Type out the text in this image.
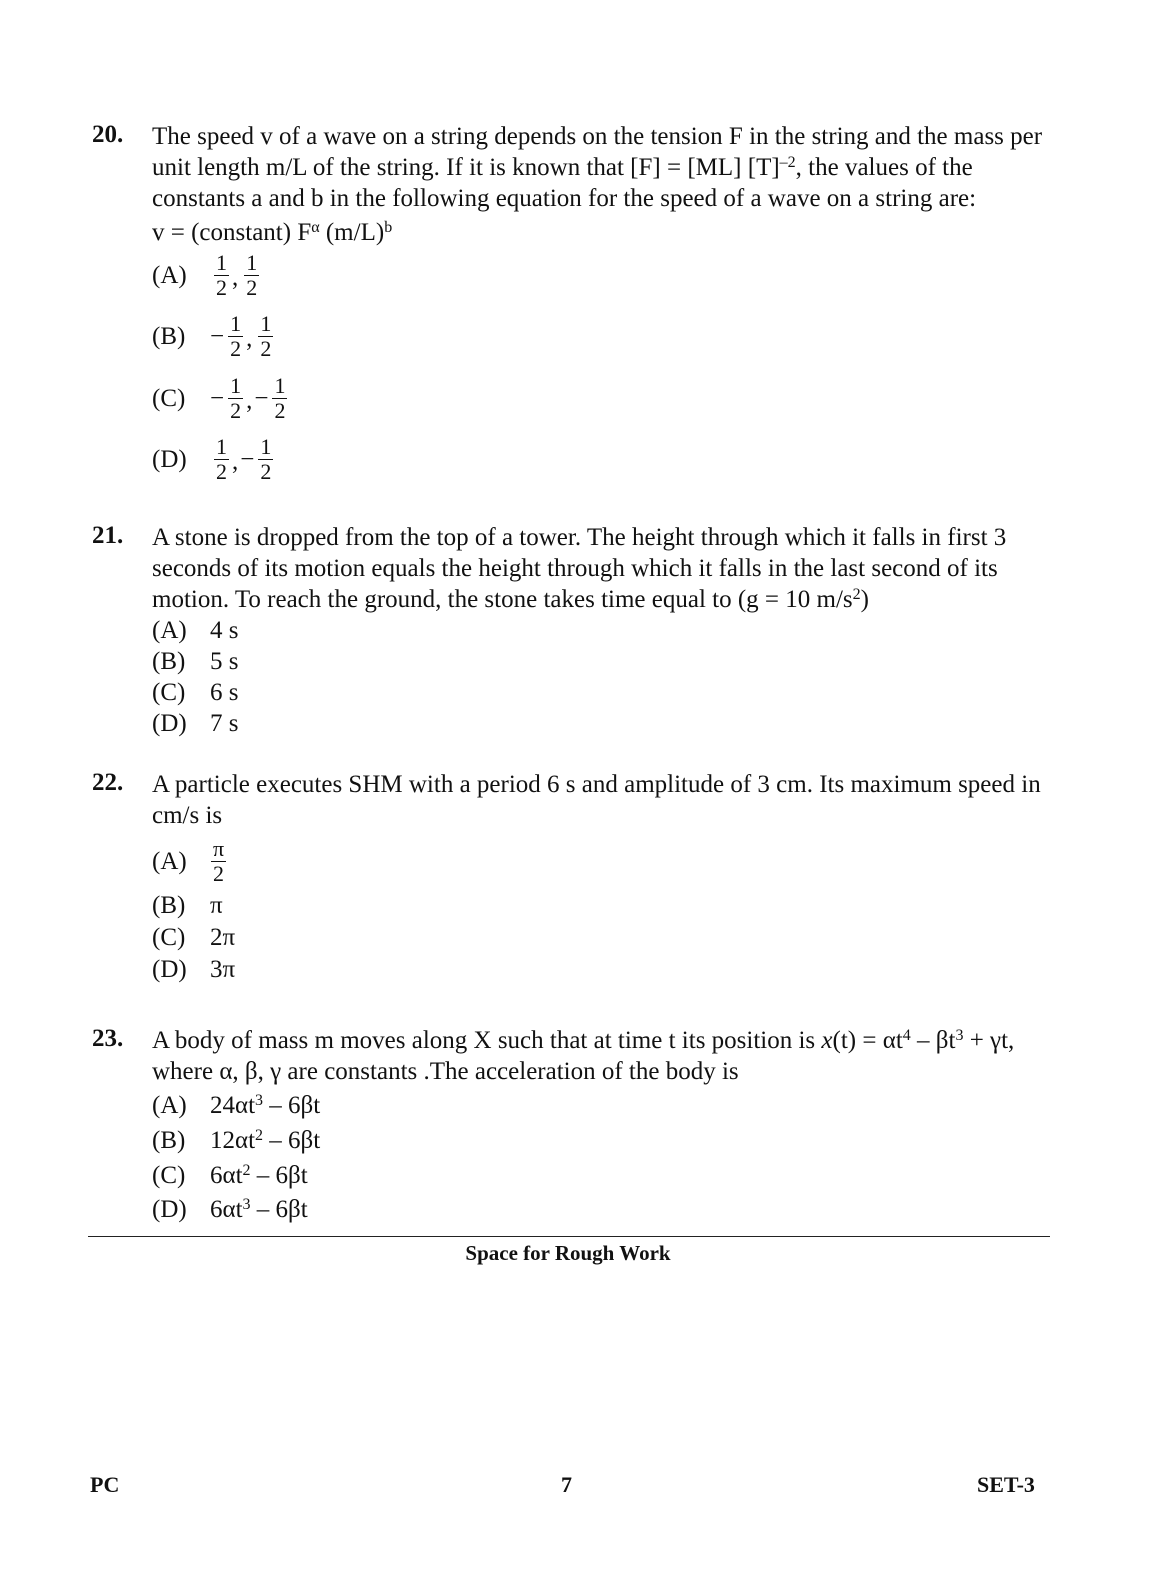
20. The speed v of a wave on a string depends on the tension F in the string and the mass per
unit length m/L of the string. If it is known that [F] = [ML] $[T]^{-2}$, the values of the
constants a and b in the following equation for the speed of a wave on a string are:
v = (constant) $F^\alpha$ $(m/L)^b$
(A)	$\frac{1}{2}$ , $\frac{1}{2}$
$(B) - \frac{1}{2}$ , $\frac{1}{2}$
$(C) - \frac{1}{2}$ , − $\frac{1}{2}$
(D)	$\frac{1}{2}$ , − $\frac{1}{2}$
21. A stone is dropped from the top of a tower. The height through which it falls in first 3
seconds of its motion equals the height through which it falls in the last second of its
motion. To reach the ground, the stone takes time equal to (g = 10 $m/s^2$)
(A) 4 s
(B) 5 s
(C) 6 s
(D) 7 s
22. A particle executes SHM with a period 6 s and amplitude of 3 cm. Its maximum speed in
cm/s is
(A)	$\frac{\pi}{2}$
(B) π
(C) 2π
(D) 3π
23. A body of mass m moves along X such that at time t its position is $x(t) = \alpha t^4 - \beta t^3 + \gamma t$,
where α, β, γ are constants .The acceleration of the body is
(A) $24\alpha t^3 - 6\beta t$
(B) $12\alpha t^2 - 6\beta t$
(C) $6\alpha t^2 - 6\beta t$
(D) $6\alpha t^3 - 6\beta t$
Space for Rough Work
PC	7	SET-3
